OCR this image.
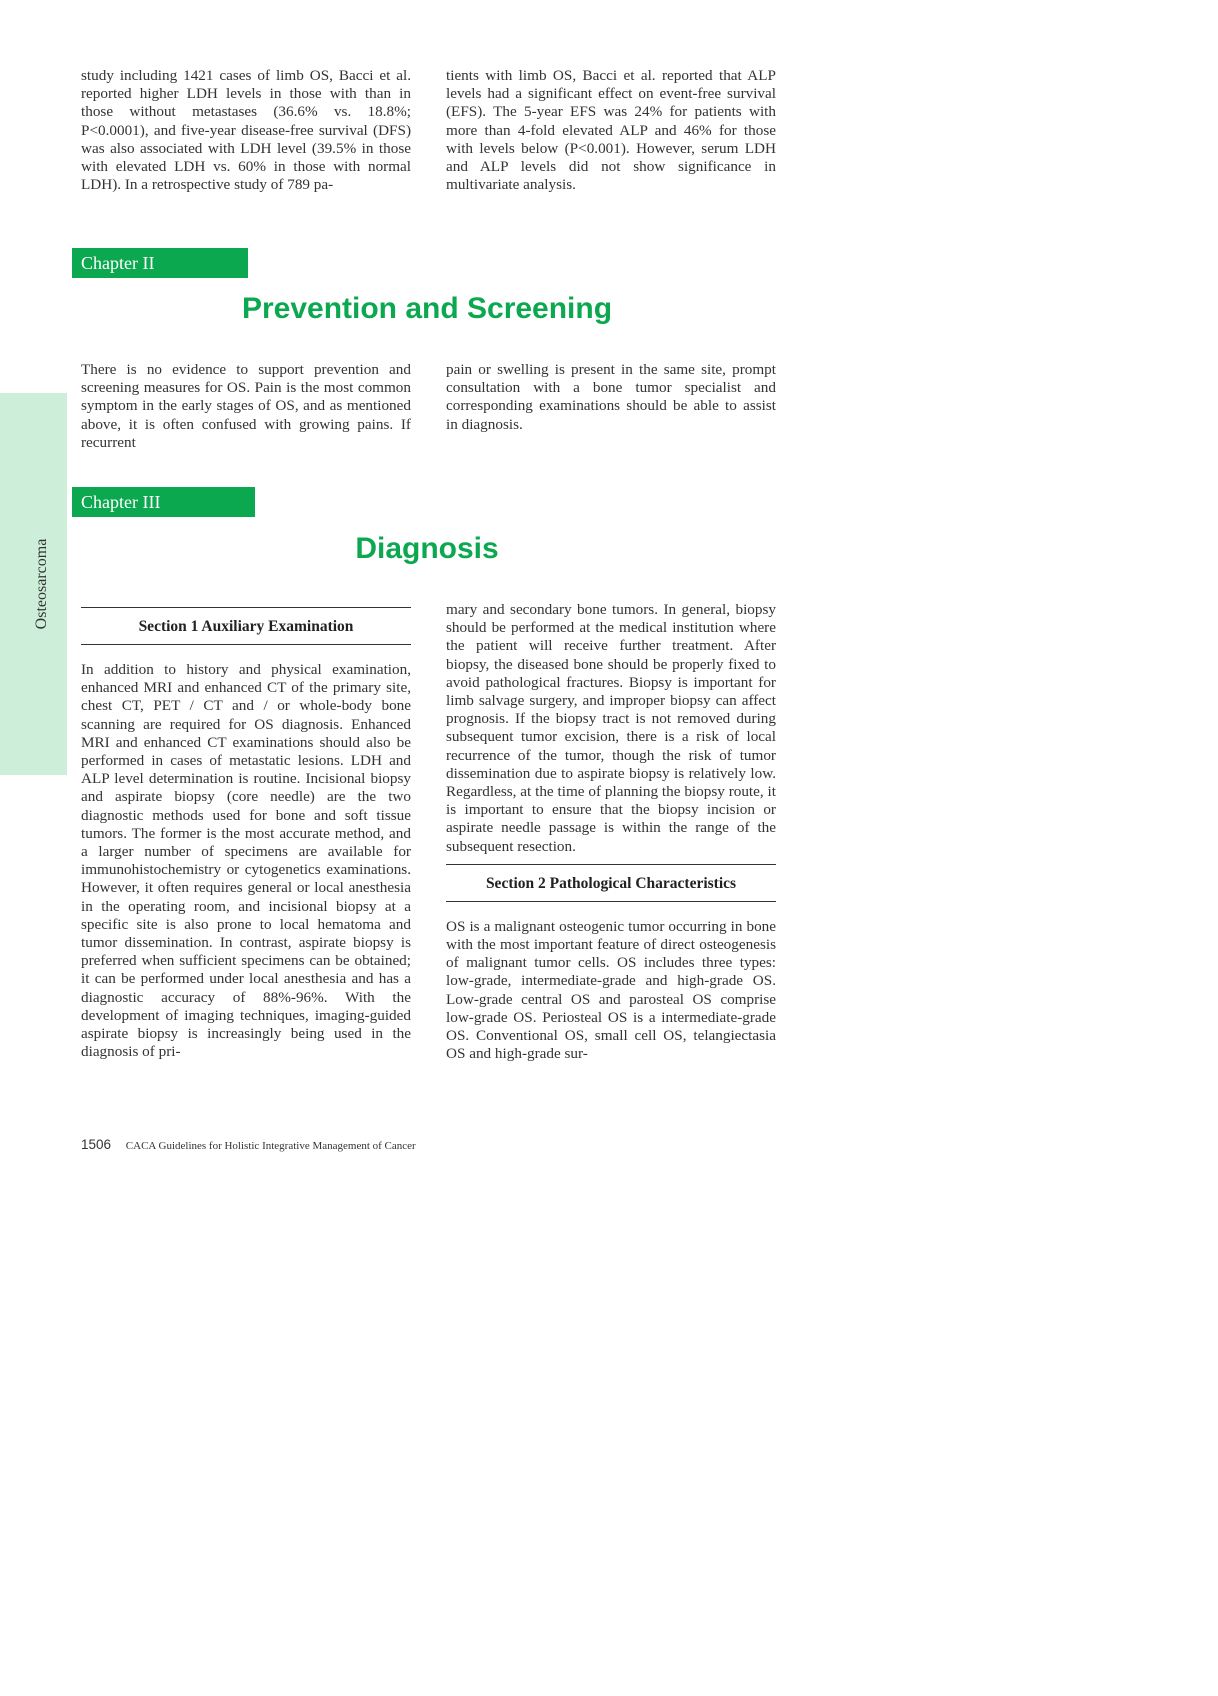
study including 1421 cases of limb OS, Bacci et al. reported higher LDH levels in those with than in those without metastases (36.6% vs. 18.8%; P<0.0001), and five-year disease-free survival (DFS) was also associated with LDH level (39.5% in those with elevated LDH vs. 60% in those with normal LDH). In a retrospective study of 789 pa-

tients with limb OS, Bacci et al. reported that ALP levels had a significant effect on event-free survival (EFS). The 5-year EFS was 24% for patients with more than 4-fold elevated ALP and 46% for those with levels below (P<0.001). However, serum LDH and ALP levels did not show significance in multivariate analysis.

Chapter II
Prevention and Screening

There is no evidence to support prevention and screening measures for OS. Pain is the most common symptom in the early stages of OS, and as mentioned above, it is often confused with growing pains. If recurrent

pain or swelling is present in the same site, prompt consultation with a bone tumor specialist and corresponding examinations should be able to assist in diagnosis.

Osteosarcoma
Chapter III
Diagnosis
Section 1 Auxiliary Examination

In addition to history and physical examination, enhanced MRI and enhanced CT of the primary site, chest CT, PET / CT and / or whole-body bone scanning are required for OS diagnosis. Enhanced MRI and enhanced CT examinations should also be performed in cases of metastatic lesions. LDH and ALP level determination is routine. Incisional biopsy and aspirate biopsy (core needle) are the two diagnostic methods used for bone and soft tissue tumors. The former is the most accurate method, and a larger number of specimens are available for immunohistochemistry or cytogenetics examinations. However, it often requires general or local anesthesia in the operating room, and incisional biopsy at a specific site is also prone to local hematoma and tumor dissemination. In contrast, aspirate biopsy is preferred when sufficient specimens can be obtained; it can be performed under local anesthesia and has a diagnostic accuracy of 88%-96%. With the development of imaging techniques, imaging-guided aspirate biopsy is increasingly being used in the diagnosis of pri-

mary and secondary bone tumors. In general, biopsy should be performed at the medical institution where the patient will receive further treatment. After biopsy, the diseased bone should be properly fixed to avoid pathological fractures. Biopsy is important for limb salvage surgery, and improper biopsy can affect prognosis. If the biopsy tract is not removed during subsequent tumor excision, there is a risk of local recurrence of the tumor, though the risk of tumor dissemination due to aspirate biopsy is relatively low. Regardless, at the time of planning the biopsy route, it is important to ensure that the biopsy incision or aspirate needle passage is within the range of the subsequent resection.

Section 2 Pathological Characteristics

OS is a malignant osteogenic tumor occurring in bone with the most important feature of direct osteogenesis of malignant tumor cells. OS includes three types: low-grade, intermediate-grade and high-grade OS. Low-grade central OS and parosteal OS comprise low-grade OS. Periosteal OS is a intermediate-grade OS. Conventional OS, small cell OS, telangiectasia OS and high-grade sur-

1506 CACA Guidelines for Holistic Integrative Management of Cancer
